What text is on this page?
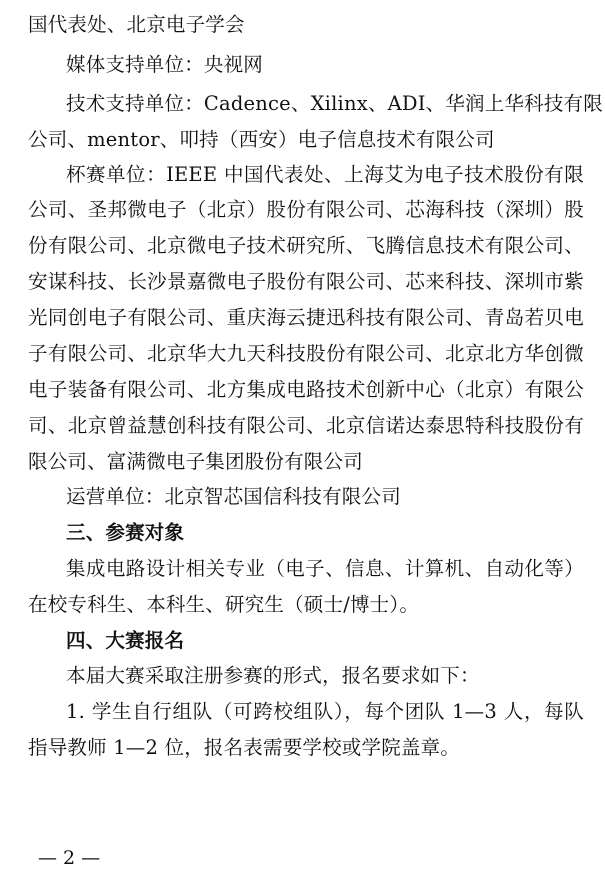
国代表处、北京电子学会
媒体支持单位：央视网
技术支持单位：Cadence、Xilinx、ADI、华润上华科技有限
公司、mentor、叩持（西安）电子信息技术有限公司
杯赛单位：IEEE 中国代表处、上海艾为电子技术股份有限
公司、圣邦微电子（北京）股份有限公司、芯海科技（深圳）股
份有限公司、北京微电子技术研究所、飞腾信息技术有限公司、
安谋科技、长沙景嘉微电子股份有限公司、芯来科技、深圳市紫
光同创电子有限公司、重庆海云捷迅科技有限公司、青岛若贝电
子有限公司、北京华大九天科技股份有限公司、北京北方华创微
电子装备有限公司、北方集成电路技术创新中心（北京）有限公
司、北京曾益慧创科技有限公司、北京信诺达泰思特科技股份有
限公司、富满微电子集团股份有限公司
运营单位：北京智芯国信科技有限公司
三、参赛对象
集成电路设计相关专业（电子、信息、计算机、自动化等）
在校专科生、本科生、研究生（硕士/博士）。
四、大赛报名
本届大赛采取注册参赛的形式，报名要求如下：
1. 学生自行组队（可跨校组队），每个团队 1—3 人，每队
指导教师 1—2 位，报名表需要学校或学院盖章。
— 2 —
